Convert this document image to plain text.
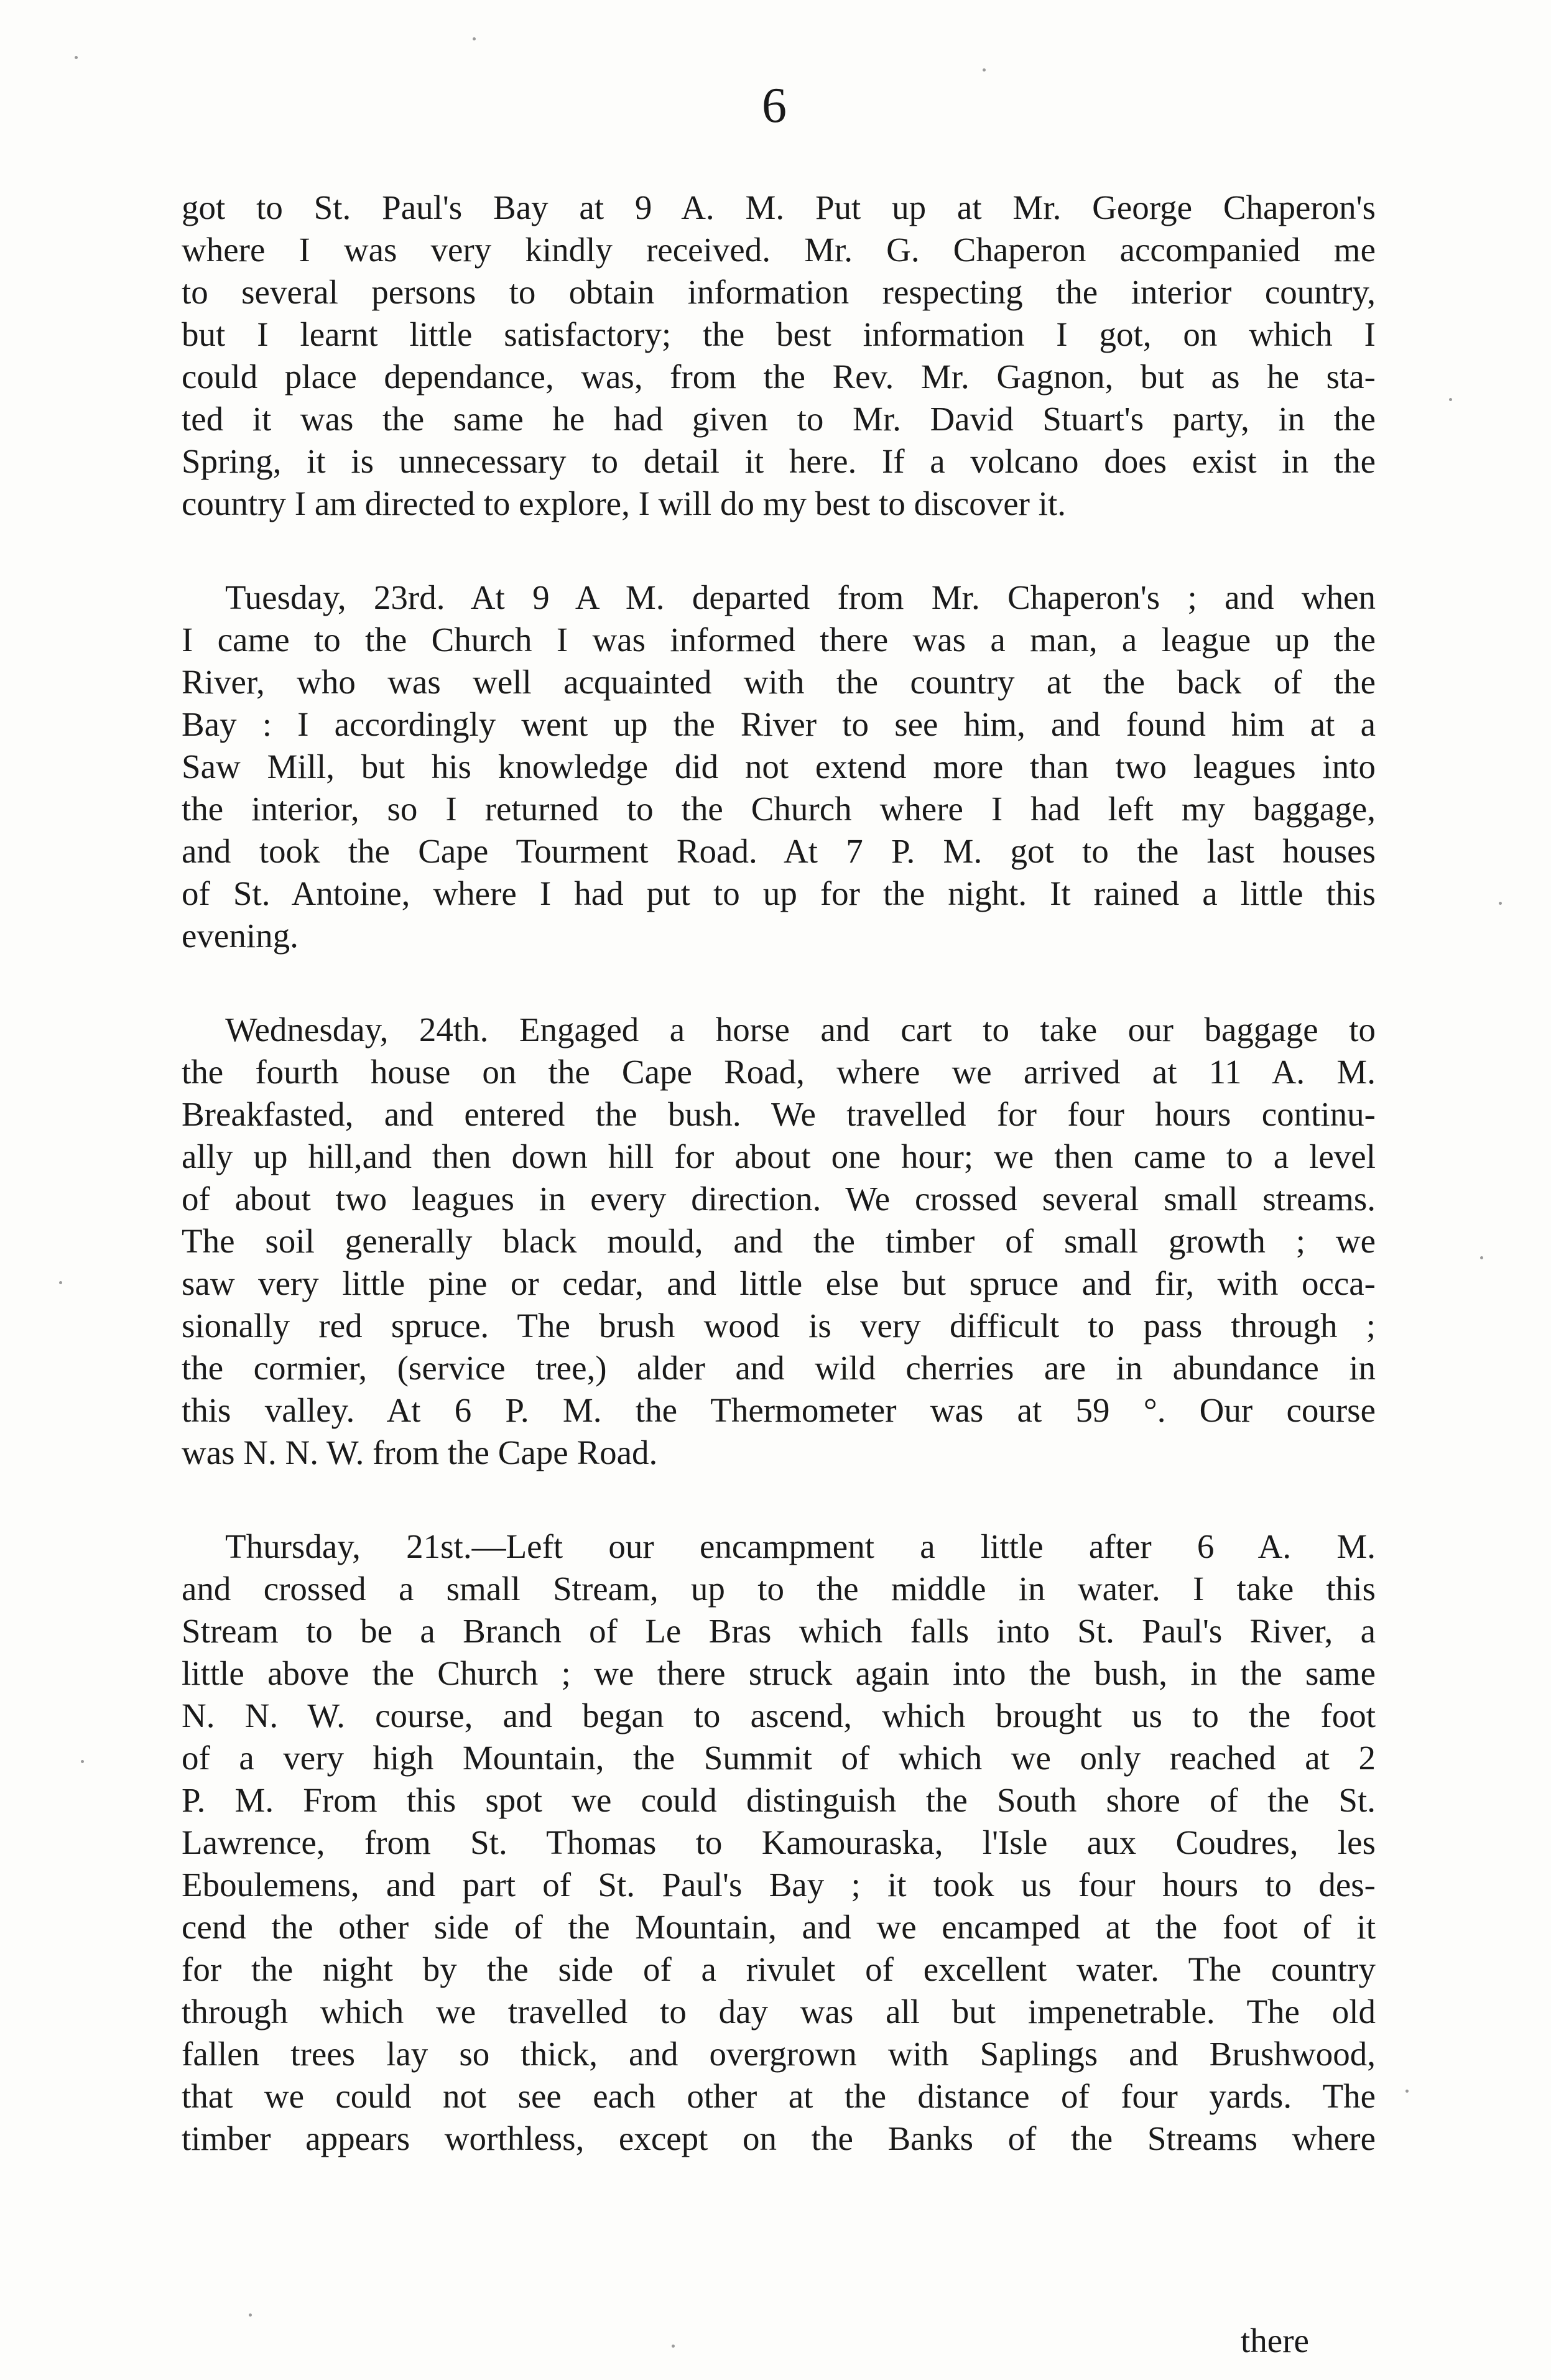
6
got to St. Paul's Bay at 9 A. M. Put up at Mr. George Chaperon's
where I was very kindly received. Mr. G. Chaperon accompanied me
to several persons to obtain information respecting the interior country,
but I learnt little satisfactory; the best information I got, on which I
could place dependance, was, from the Rev. Mr. Gagnon, but as he sta-
ted it was the same he had given to Mr. David Stuart's party, in the
Spring, it is unnecessary to detail it here. If a volcano does exist in the
country I am directed to explore, I will do my best to discover it.
Tuesday, 23rd. At 9 A M. departed from Mr. Chaperon's ; and when
I came to the Church I was informed there was a man, a league up the
River, who was well acquainted with the country at the back of the
Bay : I accordingly went up the River to see him, and found him at a
Saw Mill, but his knowledge did not extend more than two leagues into
the interior, so I returned to the Church where I had left my baggage,
and took the Cape Tourment Road. At 7 P. M. got to the last houses
of St. Antoine, where I had put to up for the night. It rained a little this
evening.
Wednesday, 24th. Engaged a horse and cart to take our baggage to
the fourth house on the Cape Road, where we arrived at 11 A. M.
Breakfasted, and entered the bush. We travelled for four hours continu-
ally up hill,and then down hill for about one hour; we then came to a level
of about two leagues in every direction. We crossed several small streams.
The soil generally black mould, and the timber of small growth ; we
saw very little pine or cedar, and little else but spruce and fir, with occa-
sionally red spruce. The brush wood is very difficult to pass through ;
the cormier, (service tree,) alder and wild cherries are in abundance in
this valley. At 6 P. M. the Thermometer was at 59 °. Our course
was N. N. W. from the Cape Road.
Thursday, 21st.—Left our encampment a little after 6 A. M.
and crossed a small Stream, up to the middle in water. I take this
Stream to be a Branch of Le Bras which falls into St. Paul's River, a
little above the Church ; we there struck again into the bush, in the same
N. N. W. course, and began to ascend, which brought us to the foot
of a very high Mountain, the Summit of which we only reached at 2
P. M. From this spot we could distinguish the South shore of the St.
Lawrence, from St. Thomas to Kamouraska, l'Isle aux Coudres, les
Eboulemens, and part of St. Paul's Bay ; it took us four hours to des-
cend the other side of the Mountain, and we encamped at the foot of it
for the night by the side of a rivulet of excellent water. The country
through which we travelled to day was all but impenetrable. The old
fallen trees lay so thick, and overgrown with Saplings and Brushwood,
that we could not see each other at the distance of four yards. The
timber appears worthless, except on the Banks of the Streams where
there
